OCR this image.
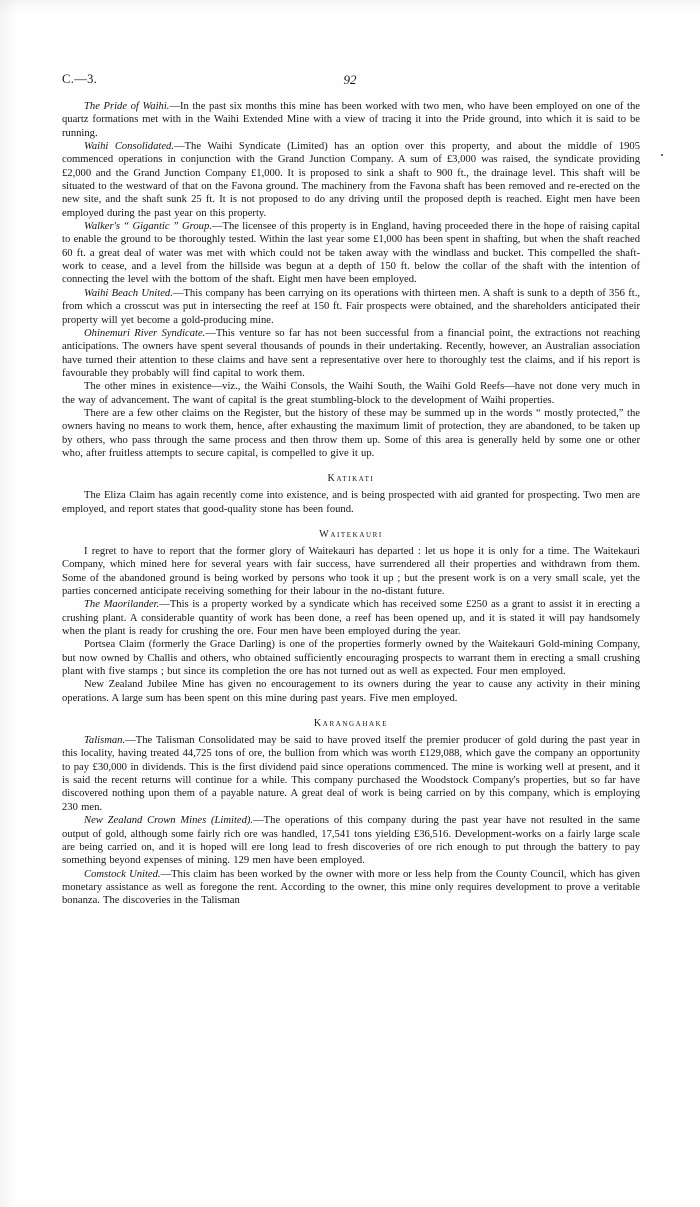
C.—3.	92

The Pride of Waihi.—In the past six months this mine has been worked with two men, who have been employed on one of the quartz formations met with in the Waihi Extended Mine with a view of tracing it into the Pride ground, into which it is said to be running.

Waihi Consolidated.—The Waihi Syndicate (Limited) has an option over this property, and about the middle of 1905 commenced operations in conjunction with the Grand Junction Company. A sum of £3,000 was raised, the syndicate providing £2,000 and the Grand Junction Company £1,000. It is proposed to sink a shaft to 900 ft., the drainage level. This shaft will be situated to the westward of that on the Favona ground. The machinery from the Favona shaft has been removed and re-erected on the new site, and the shaft sunk 25 ft. It is not proposed to do any driving until the proposed depth is reached. Eight men have been employed during the past year on this property.

Walker's “ Gigantic ” Group.—The licensee of this property is in England, having proceeded there in the hope of raising capital to enable the ground to be thoroughly tested. Within the last year some £1,000 has been spent in shafting, but when the shaft reached 60 ft. a great deal of water was met with which could not be taken away with the windlass and bucket. This compelled the shaft-work to cease, and a level from the hillside was begun at a depth of 150 ft. below the collar of the shaft with the intention of connecting the level with the bottom of the shaft. Eight men have been employed.

Waihi Beach United.—This company has been carrying on its operations with thirteen men. A shaft is sunk to a depth of 356 ft., from which a crosscut was put in intersecting the reef at 150 ft. Fair prospects were obtained, and the shareholders anticipated their property will yet become a gold-producing mine.

Ohinemuri River Syndicate.—This venture so far has not been successful from a financial point, the extractions not reaching anticipations. The owners have spent several thousands of pounds in their undertaking. Recently, however, an Australian association have turned their attention to these claims and have sent a representative over here to thoroughly test the claims, and if his report is favourable they probably will find capital to work them.

The other mines in existence—viz., the Waihi Consols, the Waihi South, the Waihi Gold Reefs—have not done very much in the way of advancement. The want of capital is the great stumbling-block to the development of Waihi properties.

There are a few other claims on the Register, but the history of these may be summed up in the words “ mostly protected,” the owners having no means to work them, hence, after exhausting the maximum limit of protection, they are abandoned, to be taken up by others, who pass through the same process and then throw them up. Some of this area is generally held by some one or other who, after fruitless attempts to secure capital, is compelled to give it up.

Katikati

The Eliza Claim has again recently come into existence, and is being prospected with aid granted for prospecting. Two men are employed, and report states that good-quality stone has been found.

Waitekauri

I regret to have to report that the former glory of Waitekauri has departed : let us hope it is only for a time. The Waitekauri Company, which mined here for several years with fair success, have surrendered all their properties and withdrawn from them. Some of the abandoned ground is being worked by persons who took it up ; but the present work is on a very small scale, yet the parties concerned anticipate receiving something for their labour in the no-distant future.

The Maorilander.—This is a property worked by a syndicate which has received some £250 as a grant to assist it in erecting a crushing plant. A considerable quantity of work has been done, a reef has been opened up, and it is stated it will pay handsomely when the plant is ready for crushing the ore. Four men have been employed during the year.

Portsea Claim (formerly the Grace Darling) is one of the properties formerly owned by the Waitekauri Gold-mining Company, but now owned by Challis and others, who obtained sufficiently encouraging prospects to warrant them in erecting a small crushing plant with five stamps ; but since its completion the ore has not turned out as well as expected. Four men employed.

New Zealand Jubilee Mine has given no encouragement to its owners during the year to cause any activity in their mining operations. A large sum has been spent on this mine during past years. Five men employed.

Karangahake

Talisman.—The Talisman Consolidated may be said to have proved itself the premier producer of gold during the past year in this locality, having treated 44,725 tons of ore, the bullion from which was worth £129,088, which gave the company an opportunity to pay £30,000 in dividends. This is the first dividend paid since operations commenced. The mine is working well at present, and it is said the recent returns will continue for a while. This company purchased the Woodstock Company's properties, but so far have discovered nothing upon them of a payable nature. A great deal of work is being carried on by this company, which is employing 230 men.

New Zealand Crown Mines (Limited).—The operations of this company during the past year have not resulted in the same output of gold, although some fairly rich ore was handled, 17,541 tons yielding £36,516. Development-works on a fairly large scale are being carried on, and it is hoped will ere long lead to fresh discoveries of ore rich enough to put through the battery to pay something beyond expenses of mining. 129 men have been employed.

Comstock United.—This claim has been worked by the owner with more or less help from the County Council, which has given monetary assistance as well as foregone the rent. According to the owner, this mine only requires development to prove a veritable bonanza. The discoveries in the Talisman
